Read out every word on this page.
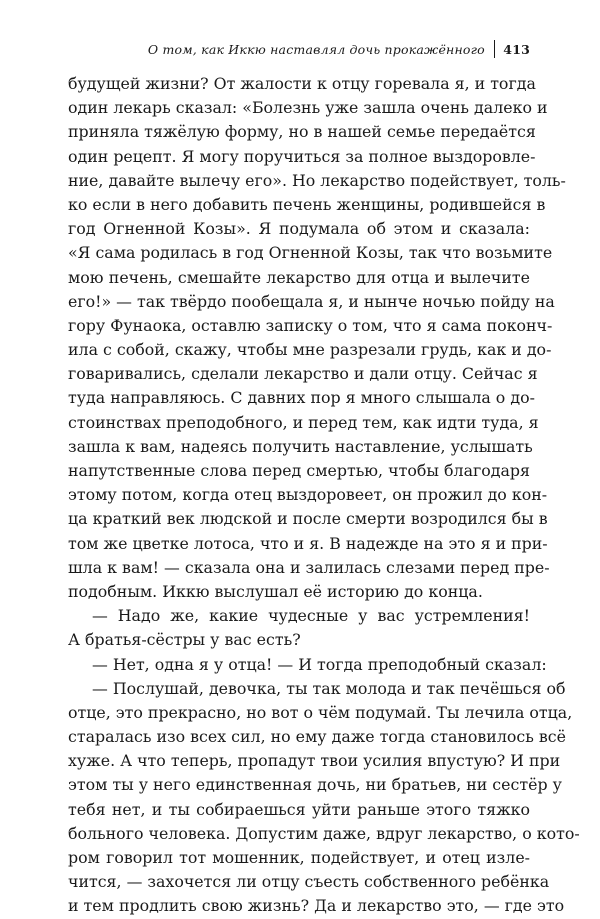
О том, как Иккю наставлял дочь прокажённого 413
будущей жизни? От жалости к отцу горевала я, и тогда
один лекарь сказал: «Болезнь уже зашла очень далеко и
приняла тяжёлую форму, но в нашей семье передаётся
один рецепт. Я могу поручиться за полное выздоровле-
ние, давайте вылечу его». Но лекарство подействует, толь-
ко если в него добавить печень женщины, родившейся в
год Огненной Козы». Я подумала об этом и сказала:
«Я сама родилась в год Огненной Козы, так что возьмите
мою печень, смешайте лекарство для отца и вылечите
его!» — так твёрдо пообещала я, и нынче ночью пойду на
гору Фунаока, оставлю записку о том, что я сама поконч-
ила с собой, скажу, чтобы мне разрезали грудь, как и до-
говаривались, сделали лекарство и дали отцу. Сейчас я
туда направляюсь. С давних пор я много слышала о до-
стоинствах преподобного, и перед тем, как идти туда, я
зашла к вам, надеясь получить наставление, услышать
напутственные слова перед смертью, чтобы благодаря
этому потом, когда отец выздоровеет, он прожил до кон-
ца краткий век людской и после смерти возродился бы в
том же цветке лотоса, что и я. В надежде на это я и при-
шла к вам! — сказала она и залилась слезами перед пре-
подобным. Иккю выслушал её историю до конца.
— Надо же, какие чудесные у вас устремления!
А братья-сёстры у вас есть?
— Нет, одна я у отца! — И тогда преподобный сказал:
— Послушай, девочка, ты так молода и так печёшься об
отце, это прекрасно, но вот о чём подумай. Ты лечила отца,
старалась изо всех сил, но ему даже тогда становилось всё
хуже. А что теперь, пропадут твои усилия впустую? И при
этом ты у него единственная дочь, ни братьев, ни сестёр у
тебя нет, и ты собираешься уйти раньше этого тяжко
больного человека. Допустим даже, вдруг лекарство, о кото-
ром говорил тот мошенник, подействует, и отец изле-
чится, — захочется ли отцу съесть собственного ребёнка
и тем продлить свою жизнь? Да и лекарство это, — где это
